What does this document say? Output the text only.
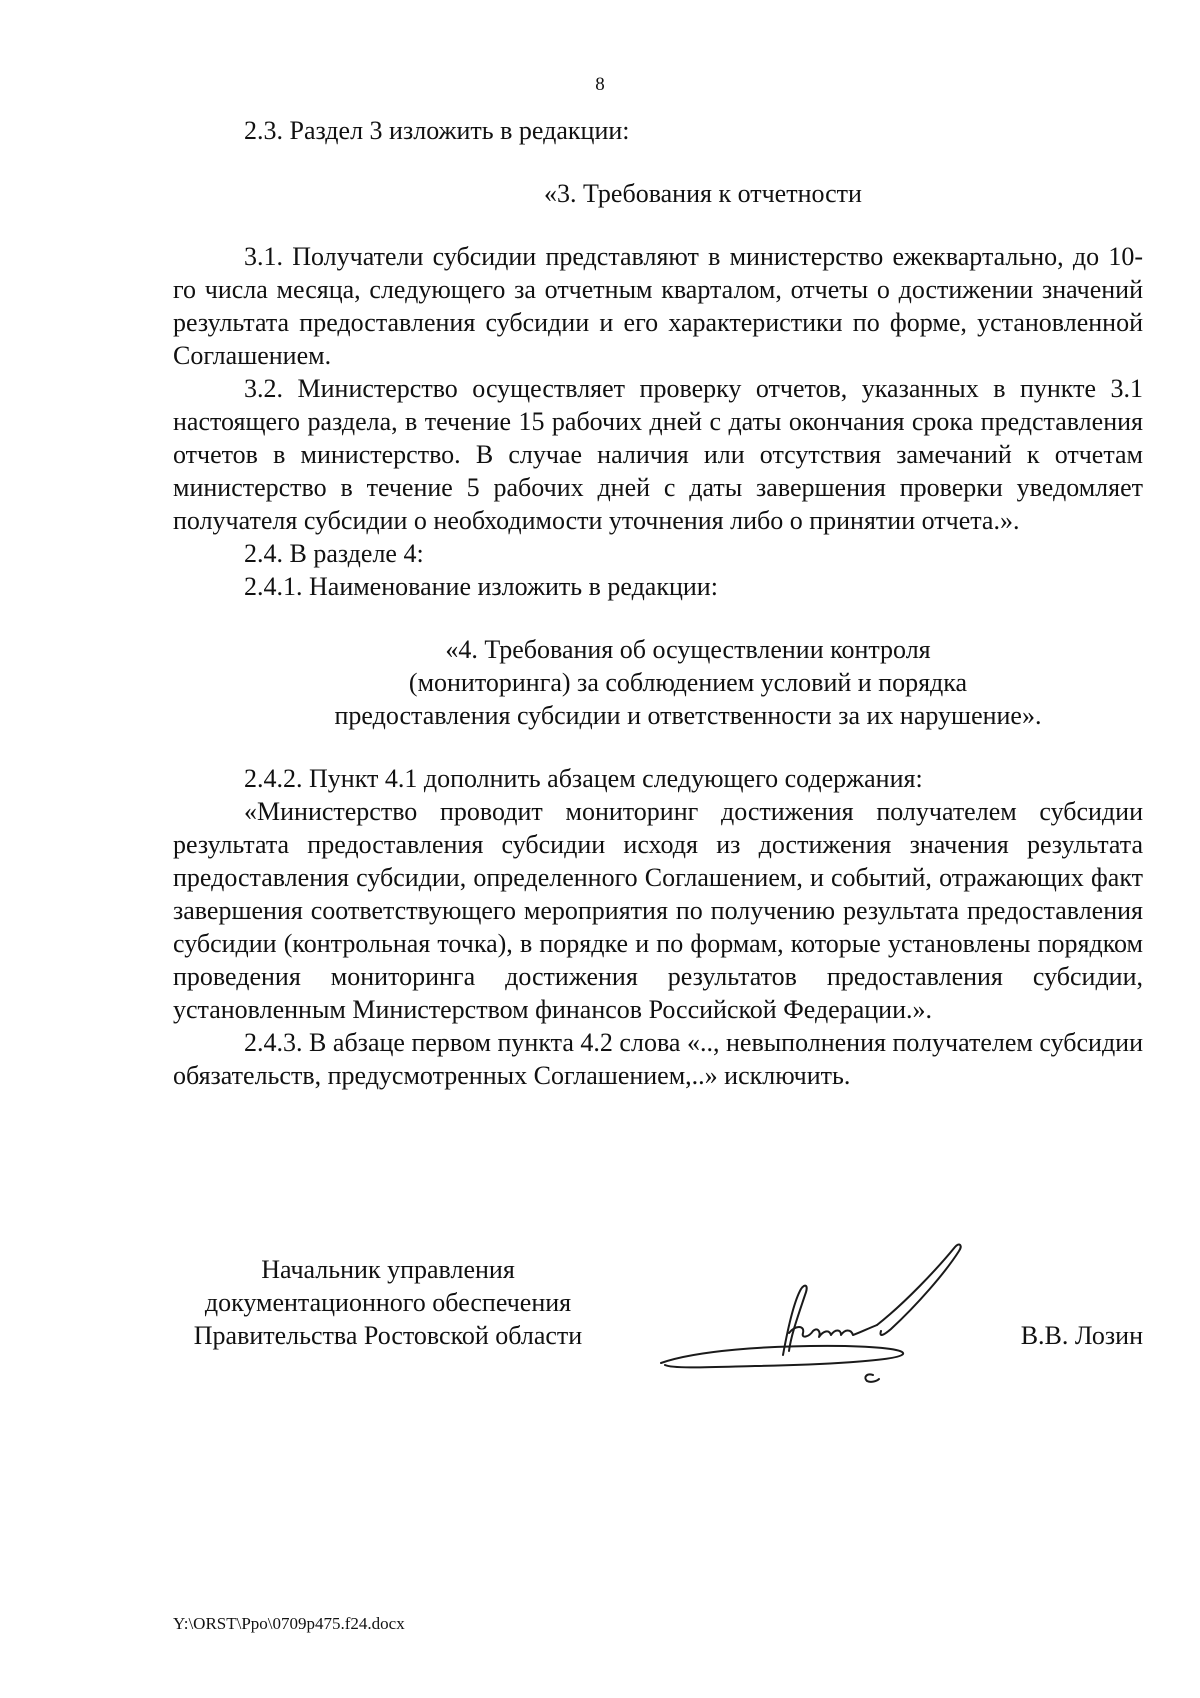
8

2.3. Раздел 3 изложить в редакции:

«3. Требования к отчетности

3.1. Получатели субсидии представляют в министерство ежеквартально, до 10-го числа месяца, следующего за отчетным кварталом, отчеты о достижении значений результата предоставления субсидии и его характеристики по форме, установленной Соглашением.

3.2. Министерство осуществляет проверку отчетов, указанных в пункте 3.1 настоящего раздела, в течение 15 рабочих дней с даты окончания срока представления отчетов в министерство. В случае наличия или отсутствия замечаний к отчетам министерство в течение 5 рабочих дней с даты завершения проверки уведомляет получателя субсидии о необходимости уточнения либо о принятии отчета.».

2.4. В разделе 4:

2.4.1. Наименование изложить в редакции:

«4. Требования об осуществлении контроля
(мониторинга) за соблюдением условий и порядка
предоставления субсидии и ответственности за их нарушение».

2.4.2. Пункт 4.1 дополнить абзацем следующего содержания:

«Министерство проводит мониторинг достижения получателем субсидии результата предоставления субсидии исходя из достижения значения результата предоставления субсидии, определенного Соглашением, и событий, отражающих факт завершения соответствующего мероприятия по получению результата предоставления субсидии (контрольная точка), в порядке и по формам, которые установлены порядком проведения мониторинга достижения результатов предоставления субсидии, установленным Министерством финансов Российской Федерации.».

2.4.3. В абзаце первом пункта 4.2 слова «.., невыполнения получателем субсидии обязательств, предусмотренных Соглашением,..» исключить.

Начальник управления
документационного обеспечения
Правительства Ростовской области	В.В. Лозин
Y:\ORST\Ppo\0709p475.f24.docx
